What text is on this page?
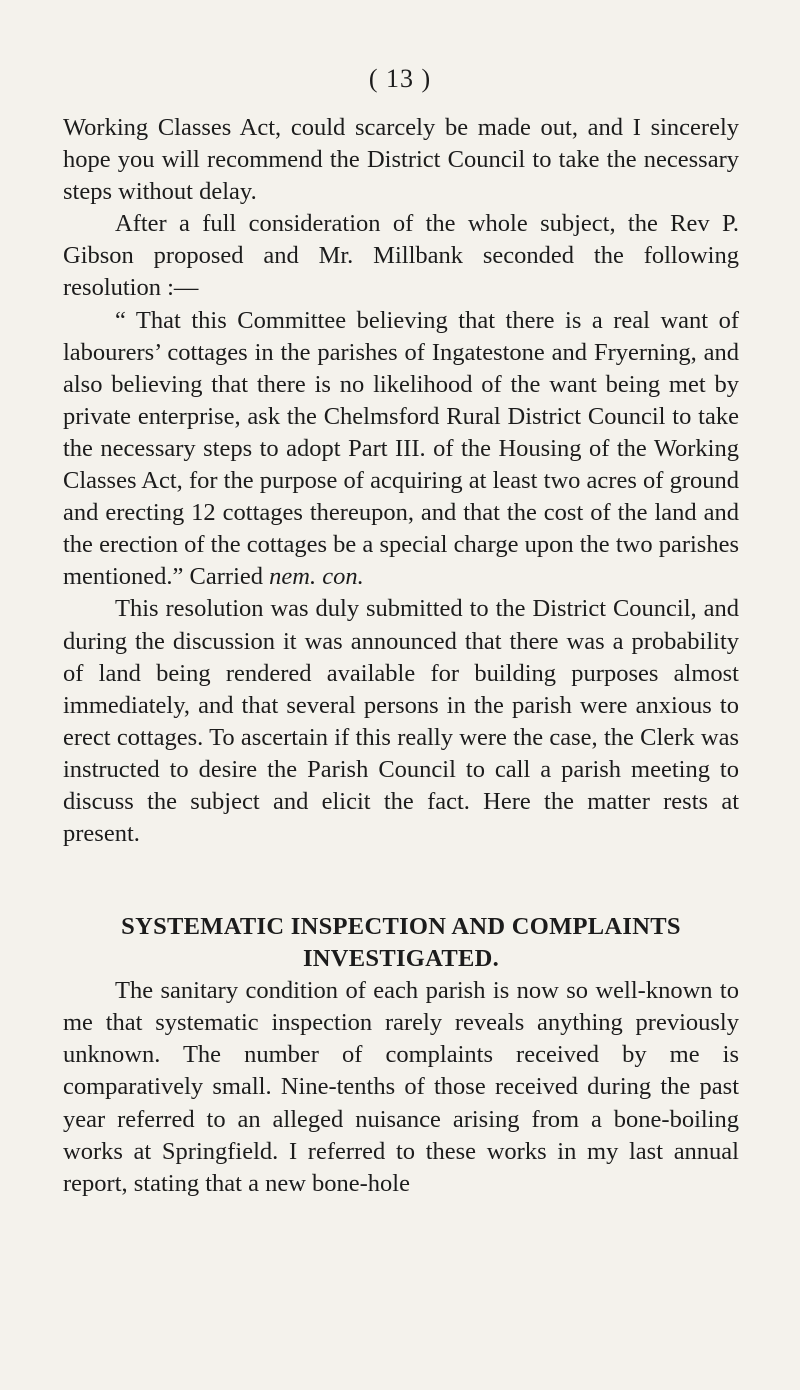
( 13 )

Working Classes Act, could scarcely be made out, and I sincerely hope you will recommend the District Council to take the necessary steps without delay.

After a full consideration of the whole subject, the Rev P. Gibson proposed and Mr. Millbank seconded the following resolution :—

“ That this Committee believing that there is a real want of labourers’ cottages in the parishes of Ingatestone and Fryerning, and also believing that there is no likelihood of the want being met by private enterprise, ask the Chelmsford Rural District Council to take the necessary steps to adopt Part III. of the Housing of the Working Classes Act, for the purpose of acquiring at least two acres of ground and erecting 12 cottages thereupon, and that the cost of the land and the erection of the cottages be a special charge upon the two parishes mentioned.” Carried nem. con.

This resolution was duly submitted to the District Council, and during the discussion it was announced that there was a probability of land being rendered available for building purposes almost immediately, and that several persons in the parish were anxious to erect cottages. To ascertain if this really were the case, the Clerk was instructed to desire the Parish Council to call a parish meeting to discuss the subject and elicit the fact. Here the matter rests at present.

SYSTEMATIC INSPECTION AND COMPLAINTS
INVESTIGATED.

The sanitary condition of each parish is now so well-known to me that systematic inspection rarely reveals anything previously unknown. The number of complaints received by me is comparatively small. Nine-tenths of those received during the past year referred to an alleged nuisance arising from a bone-boiling works at Springfield. I referred to these works in my last annual report, stating that a new bone-hole
